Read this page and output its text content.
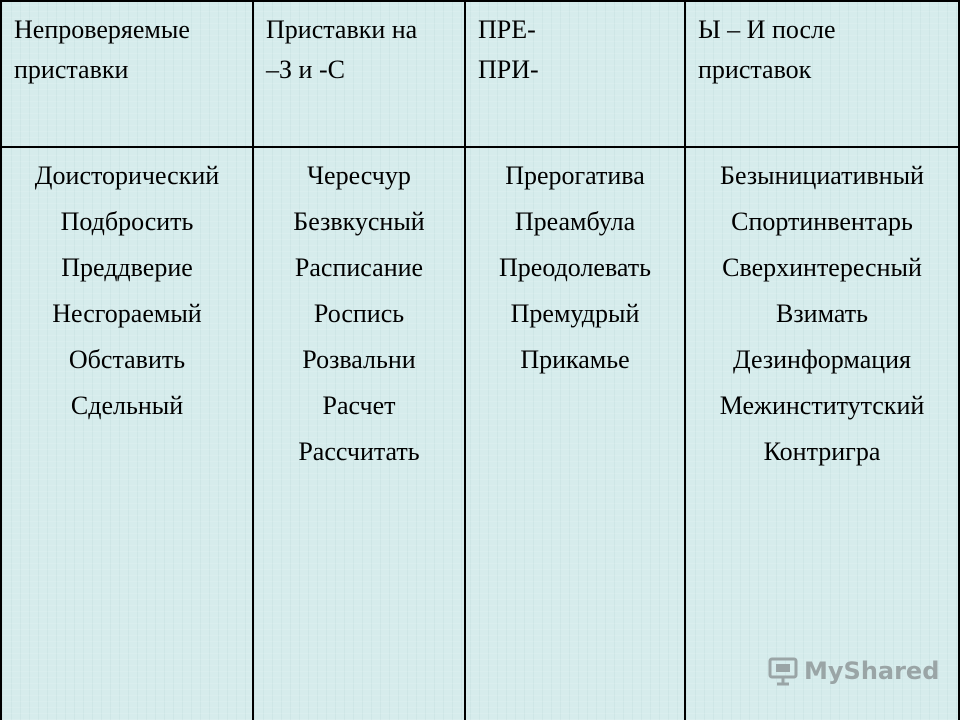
Непроверяемые
приставки
Приставки на
–З и -С
ПРЕ-
ПРИ-
Ы – И после
приставок
Доисторический
Подбросить
Преддверие
Несгораемый
Обставить
Сдельный
Чересчур
Безвкусный
Расписание
Роспись
Розвальни
Расчет
Рассчитать
Прерогатива
Преамбула
Преодолевать
Премудрый
Прикамье
Безынициативный
Спортинвентарь
Сверхинтересный
Взимать
Дезинформация
Межинститутский
Контригра
MyShared
